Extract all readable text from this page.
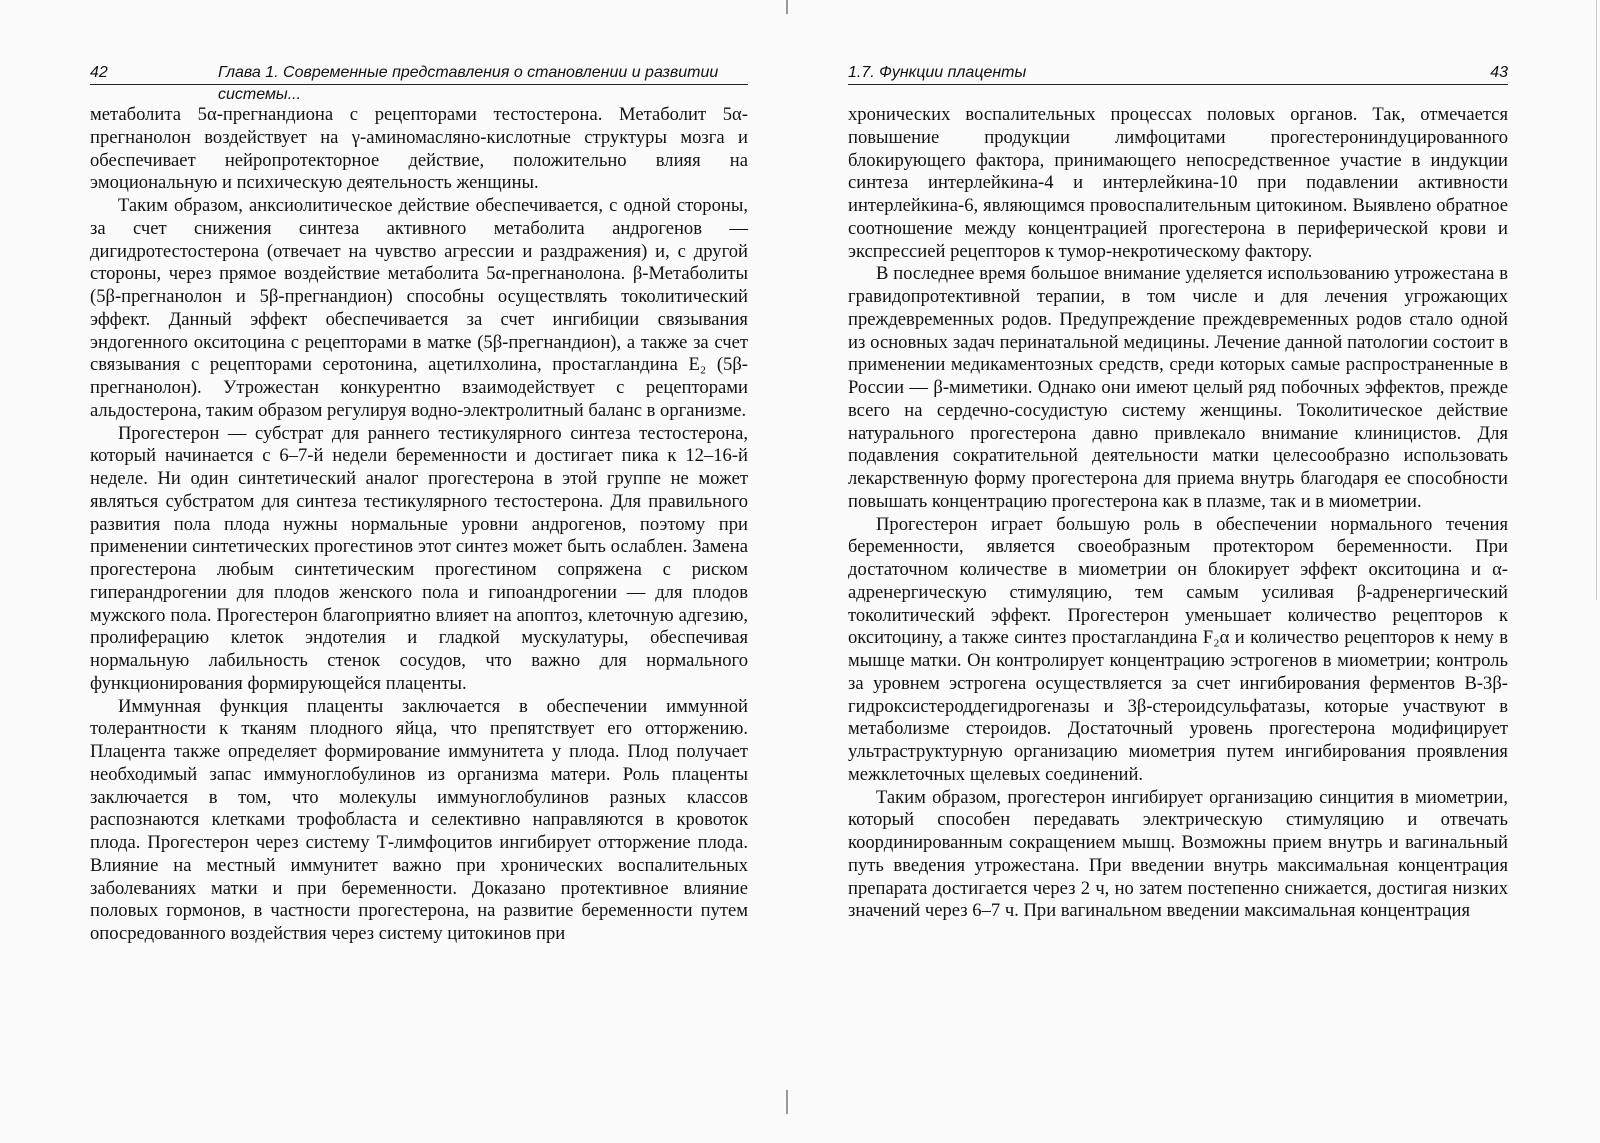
42	Глава 1. Современные представления о становлении и развитии системы...

метаболита 5α-прегнандиона с рецепторами тестостерона. Метаболит 5α-прегнанолон воздействует на γ-аминомасляно-кислотные структуры мозга и обеспечивает нейропротекторное действие, положительно влияя на эмоциональную и психическую деятельность женщины.

Таким образом, анксиолитическое действие обеспечивается, с одной стороны, за счет снижения синтеза активного метаболита андрогенов — дигидротестостерона (отвечает на чувство агрессии и раздражения) и, с другой стороны, через прямое воздействие метаболита 5α-прегнанолона. β-Метаболиты (5β-прегнанолон и 5β-прегнандион) способны осуществлять токолитический эффект. Данный эффект обеспечивается за счет ингибиции связывания эндогенного окситоцина с рецепторами в матке (5β-прегнандион), а также за счет связывания с рецепторами серотонина, ацетилхолина, простагландина E₂ (5β-прегнанолон). Утрожестан конкурентно взаимодействует с рецепторами альдостерона, таким образом регулируя водно-электролитный баланс в организме.

Прогестерон — субстрат для раннего тестикулярного синтеза тестостерона, который начинается с 6–7-й недели беременности и достигает пика к 12–16-й неделе. Ни один синтетический аналог прогестерона в этой группе не может являться субстратом для синтеза тестикулярного тестостерона. Для правильного развития пола плода нужны нормальные уровни андрогенов, поэтому при применении синтетических прогестинов этот синтез может быть ослаблен. Замена прогестерона любым синтетическим прогестином сопряжена с риском гиперандрогении для плодов женского пола и гипоандрогении — для плодов мужского пола. Прогестерон благоприятно влияет на апоптоз, клеточную адгезию, пролиферацию клеток эндотелия и гладкой мускулатуры, обеспечивая нормальную лабильность стенок сосудов, что важно для нормального функционирования формирующейся плаценты.

Иммунная функция плаценты заключается в обеспечении иммунной толерантности к тканям плодного яйца, что препятствует его отторжению. Плацента также определяет формирование иммунитета у плода. Плод получает необходимый запас иммуноглобулинов из организма матери. Роль плаценты заключается в том, что молекулы иммуноглобулинов разных классов распознаются клетками трофобласта и селективно направляются в кровоток плода. Прогестерон через систему Т-лимфоцитов ингибирует отторжение плода. Влияние на местный иммунитет важно при хронических воспалительных заболеваниях матки и при беременности. Доказано протективное влияние половых гормонов, в частности прогестерона, на развитие беременности путем опосредованного воздействия через систему цитокинов при

1.7. Функции плаценты	43

хронических воспалительных процессах половых органов. Так, отмечается повышение продукции лимфоцитами прогестерониндуцированного блокирующего фактора, принимающего непосредственное участие в индукции синтеза интерлейкина-4 и интерлейкина-10 при подавлении активности интерлейкина-6, являющимся провоспалительным цитокином. Выявлено обратное соотношение между концентрацией прогестерона в периферической крови и экспрессией рецепторов к тумор-некротическому фактору.

В последнее время большое внимание уделяется использованию утрожестана в гравидопротективной терапии, в том числе и для лечения угрожающих преждевременных родов. Предупреждение преждевременных родов стало одной из основных задач перинатальной медицины. Лечение данной патологии состоит в применении медикаментозных средств, среди которых самые распространенные в России — β-миметики. Однако они имеют целый ряд побочных эффектов, прежде всего на сердечно-сосудистую систему женщины. Токолитическое действие натурального прогестерона давно привлекало внимание клиницистов. Для подавления сократительной деятельности матки целесообразно использовать лекарственную форму прогестерона для приема внутрь благодаря ее способности повышать концентрацию прогестерона как в плазме, так и в миометрии.

Прогестерон играет большую роль в обеспечении нормального течения беременности, является своеобразным протектором беременности. При достаточном количестве в миометрии он блокирует эффект окситоцина и α-адренергическую стимуляцию, тем самым усиливая β-адренергический токолитический эффект. Прогестерон уменьшает количество рецепторов к окситоцину, а также синтез простагландина F₂α и количество рецепторов к нему в мышце матки. Он контролирует концентрацию эстрогенов в миометрии; контроль за уровнем эстрогена осуществляется за счет ингибирования ферментов В-3β-гидроксистероддегидрогеназы и 3β-стероидсульфатазы, которые участвуют в метаболизме стероидов. Достаточный уровень прогестерона модифицирует ультраструктурную организацию миометрия путем ингибирования проявления межклеточных щелевых соединений.

Таким образом, прогестерон ингибирует организацию синцития в миометрии, который способен передавать электрическую стимуляцию и отвечать координированным сокращением мышц. Возможны прием внутрь и вагинальный путь введения утрожестана. При введении внутрь максимальная концентрация препарата достигается через 2 ч, но затем постепенно снижается, достигая низких значений через 6–7 ч. При вагинальном введении максимальная концентрация
